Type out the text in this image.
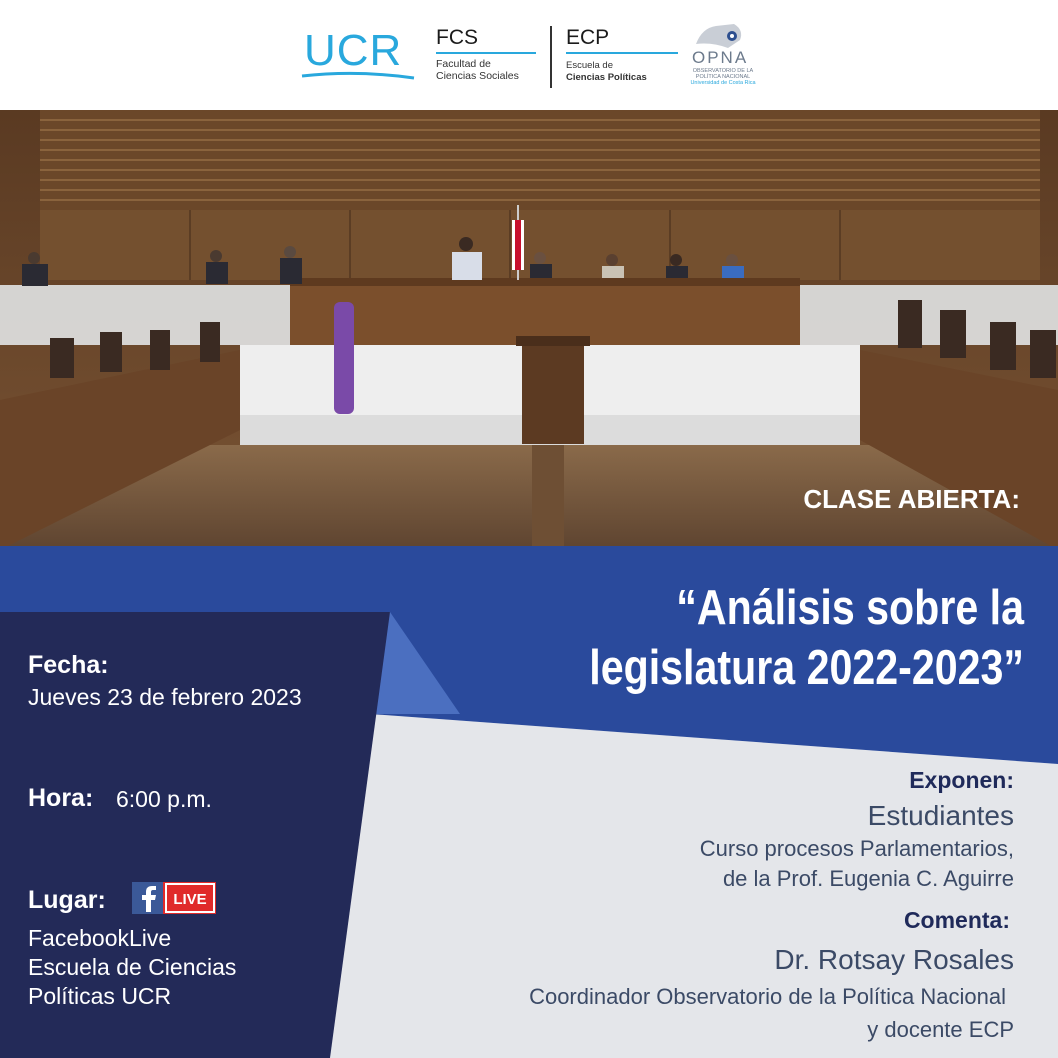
UCR FCS
Facultad de
Ciencias Sociales
ECP
Escuela de
Ciencias Políticas
OPNA
OBSERVATORIO DE LA
POLÍTICA NACIONAL
Universidad de Costa Rica
CLASE ABIERTA:
“Análisis sobre la
legislatura 2022-2023”
Fecha:
Jueves 23 de febrero 2023
Hora: 6:00 p.m.
Lugar:	LIVE
FacebookLive
Escuela de Ciencias
Políticas UCR
Exponen:
Estudiantes
Curso procesos Parlamentarios,
de la Prof. Eugenia C. Aguirre
Comenta:
Dr. Rotsay Rosales
Coordinador Observatorio de la Política Nacional
y docente ECP
